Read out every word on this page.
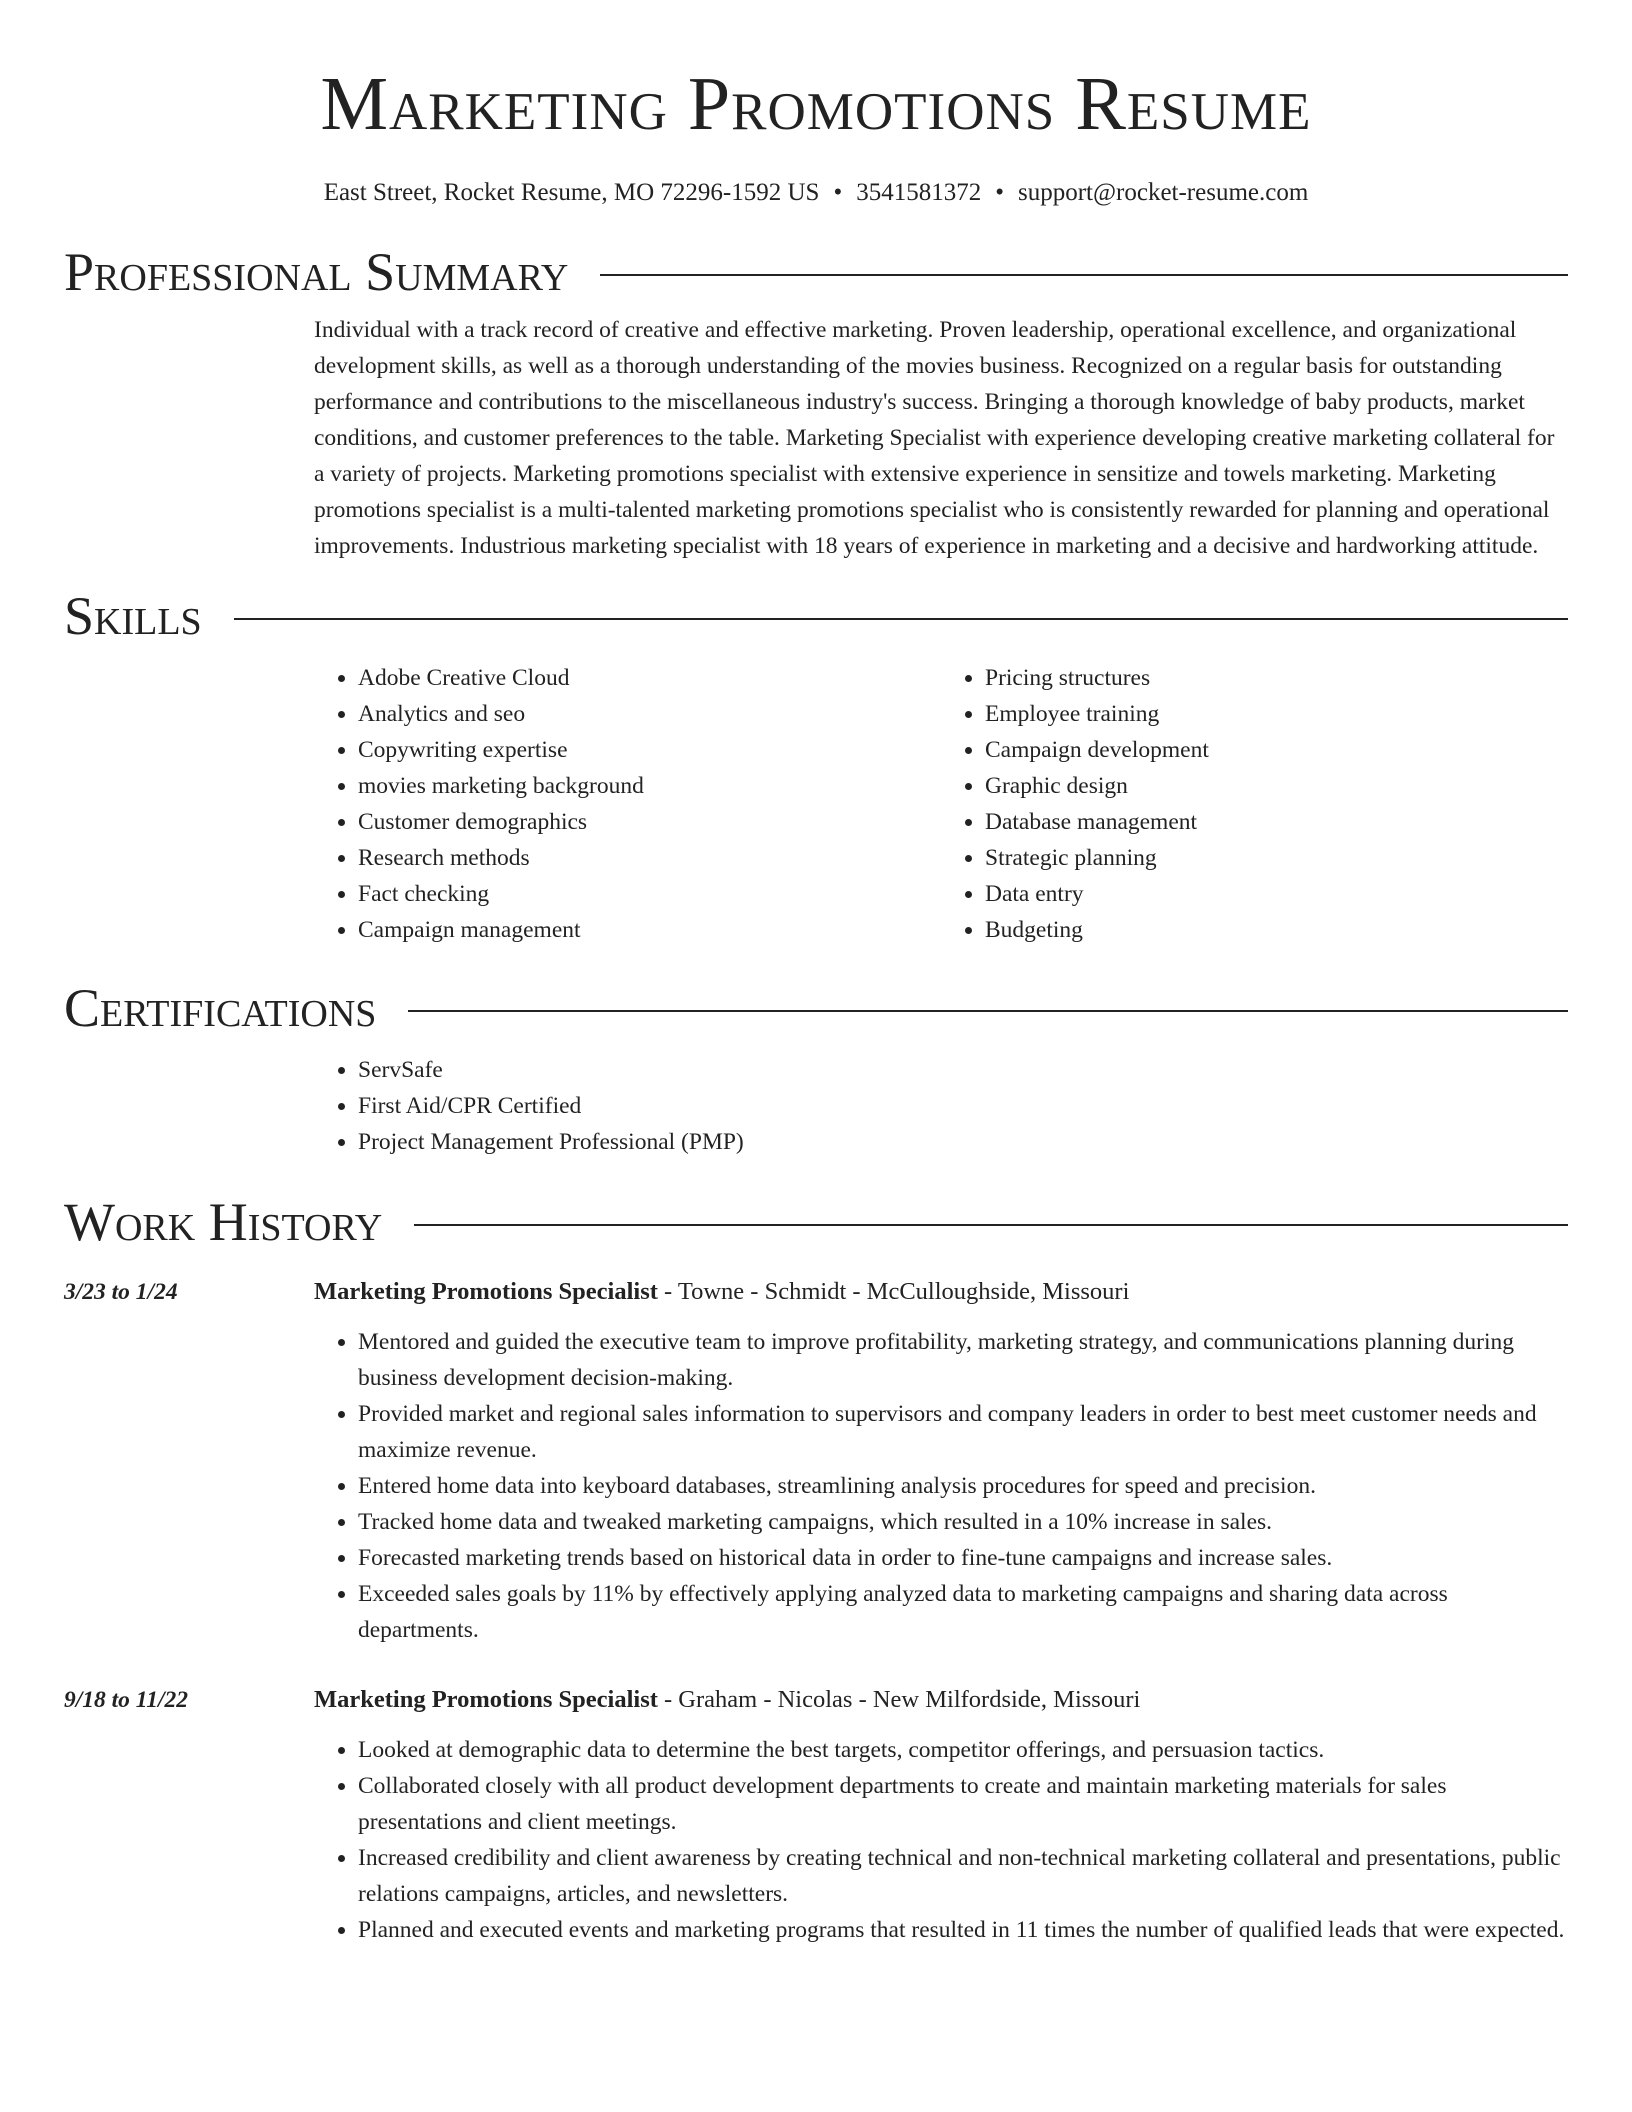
Marketing Promotions Resume
East Street, Rocket Resume, MO 72296-1592 US • 3541581372 • support@rocket-resume.com
Professional Summary

Individual with a track record of creative and effective marketing. Proven leadership, operational excellence, and organizational development skills, as well as a thorough understanding of the movies business. Recognized on a regular basis for outstanding performance and contributions to the miscellaneous industry's success. Bringing a thorough knowledge of baby products, market conditions, and customer preferences to the table. Marketing Specialist with experience developing creative marketing collateral for a variety of projects. Marketing promotions specialist with extensive experience in sensitize and towels marketing. Marketing promotions specialist is a multi-talented marketing promotions specialist who is consistently rewarded for planning and operational improvements. Industrious marketing specialist with 18 years of experience in marketing and a decisive and hardworking attitude.

Skills
• Adobe Creative Cloud
• Analytics and seo
• Copywriting expertise
• movies marketing background
• Customer demographics
• Research methods
• Fact checking
• Campaign management
• Pricing structures
• Employee training
• Campaign development
• Graphic design
• Database management
• Strategic planning
• Data entry
• Budgeting
Certifications
• ServSafe
• First Aid/CPR Certified
• Project Management Professional (PMP)
Work History
3/23 to 1/24	Marketing Promotions Specialist - Towne - Schmidt - McCulloughside, Missouri
• Mentored and guided the executive team to improve profitability, marketing strategy, and communications planning during business development decision-making.
• Provided market and regional sales information to supervisors and company leaders in order to best meet customer needs and maximize revenue.
• Entered home data into keyboard databases, streamlining analysis procedures for speed and precision.
• Tracked home data and tweaked marketing campaigns, which resulted in a 10% increase in sales.
• Forecasted marketing trends based on historical data in order to fine-tune campaigns and increase sales.
• Exceeded sales goals by 11% by effectively applying analyzed data to marketing campaigns and sharing data across departments.
9/18 to 11/22	Marketing Promotions Specialist - Graham - Nicolas - New Milfordside, Missouri
• Looked at demographic data to determine the best targets, competitor offerings, and persuasion tactics.
• Collaborated closely with all product development departments to create and maintain marketing materials for sales presentations and client meetings.
• Increased credibility and client awareness by creating technical and non-technical marketing collateral and presentations, public relations campaigns, articles, and newsletters.
• Planned and executed events and marketing programs that resulted in 11 times the number of qualified leads that were expected.
